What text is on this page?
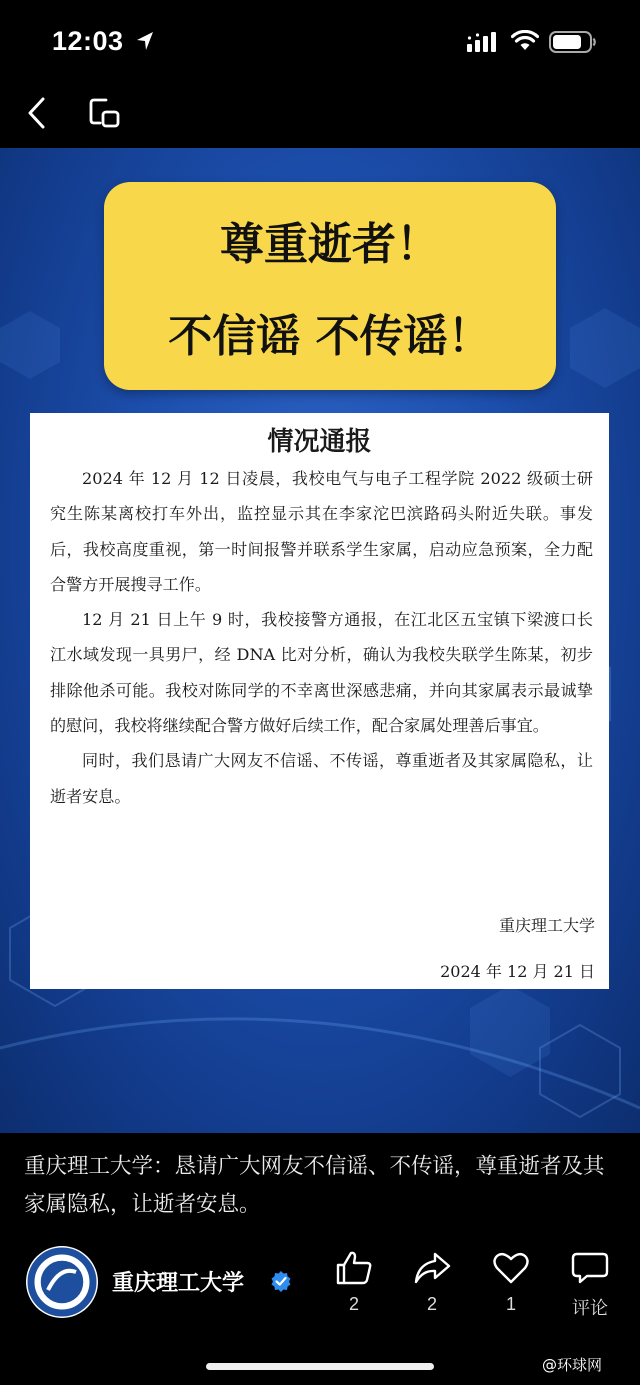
12:03
尊重逝者！
不信谣 不传谣！
情况通报

2024 年 12 月 12 日凌晨，我校电气与电子工程学院 2022 级硕士研究生陈某离校打车外出，监控显示其在李家沱巴滨路码头附近失联。事发后，我校高度重视，第一时间报警并联系学生家属，启动应急预案，全力配合警方开展搜寻工作。

12 月 21 日上午 9 时，我校接警方通报，在江北区五宝镇下梁渡口长江水域发现一具男尸，经 DNA 比对分析，确认为我校失联学生陈某，初步排除他杀可能。我校对陈同学的不幸离世深感悲痛，并向其家属表示最诚挚的慰问，我校将继续配合警方做好后续工作，配合家属处理善后事宜。

同时，我们恳请广大网友不信谣、不传谣，尊重逝者及其家属隐私，让逝者安息。

重庆理工大学
2024 年 12 月 21 日
重庆理工大学：恳请广大网友不信谣、不传谣，尊重逝者及其家属隐私，让逝者安息。
重庆理工大学
2	2	1	评论
@环球网
